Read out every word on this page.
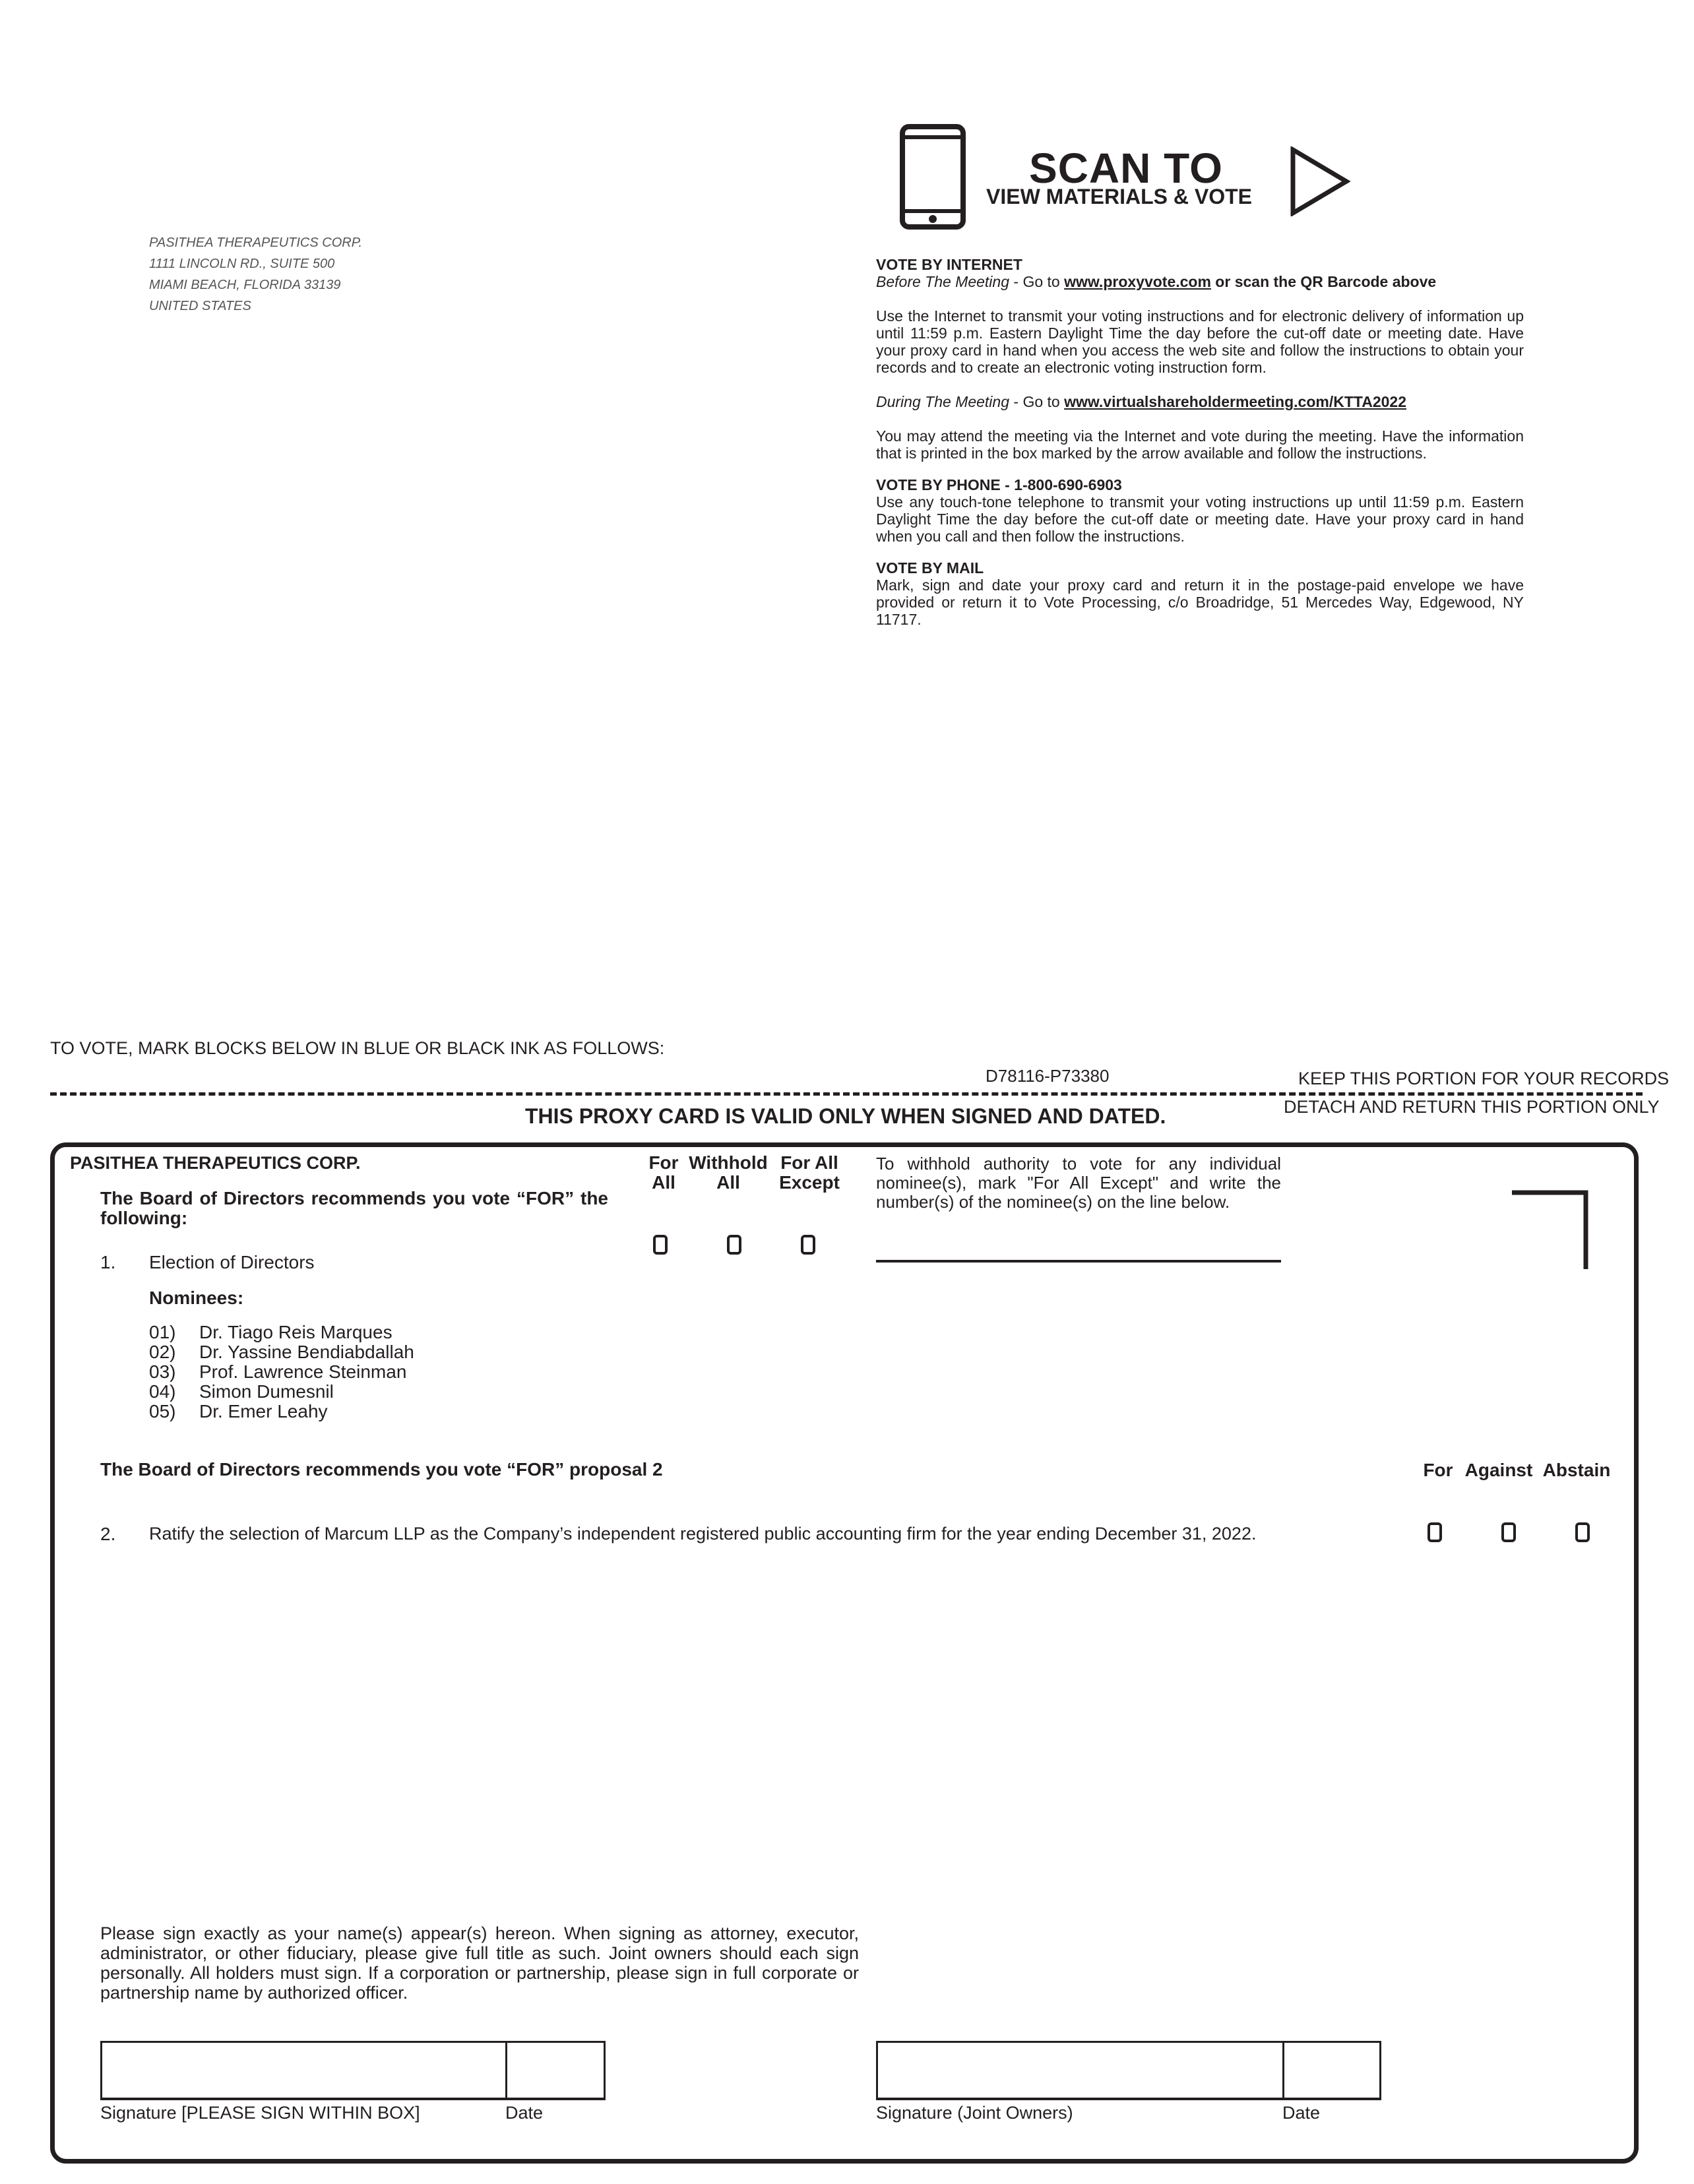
PASITHEA THERAPEUTICS CORP.
1111 LINCOLN RD., SUITE 500
MIAMI BEACH, FLORIDA 33139
UNITED STATES
SCAN TO
VIEW MATERIALS & VOTE

VOTE BY INTERNET

Before The Meeting - Go to www.proxyvote.com or scan the QR Barcode above

Use the Internet to transmit your voting instructions and for electronic delivery of information up until 11:59 p.m. Eastern Daylight Time the day before the cut-off date or meeting date. Have your proxy card in hand when you access the web site and follow the instructions to obtain your records and to create an electronic voting instruction form.

During The Meeting - Go to www.virtualshareholdermeeting.com/KTTA2022

You may attend the meeting via the Internet and vote during the meeting. Have the information that is printed in the box marked by the arrow available and follow the instructions.

VOTE BY PHONE - 1-800-690-6903

Use any touch-tone telephone to transmit your voting instructions up until 11:59 p.m. Eastern Daylight Time the day before the cut-off date or meeting date. Have your proxy card in hand when you call and then follow the instructions.

VOTE BY MAIL

Mark, sign and date your proxy card and return it in the postage-paid envelope we have provided or return it to Vote Processing, c/o Broadridge, 51 Mercedes Way, Edgewood, NY 11717.

TO VOTE, MARK BLOCKS BELOW IN BLUE OR BLACK INK AS FOLLOWS:
D78116-P73380	KEEP THIS PORTION FOR YOUR RECORDS
DETACH AND RETURN THIS PORTION ONLY
THIS PROXY CARD IS VALID ONLY WHEN SIGNED AND DATED.
PASITHEA THERAPEUTICS CORP.
The Board of Directors recommends you vote “FOR” the following:
For
All
Withhold
All
For All
Except
To withhold authority to vote for any individual nominee(s), mark "For All Except" and write the number(s) of the nominee(s) on the line below.
1. Election of Directors
Nominees:
01) Dr. Tiago Reis Marques
02) Dr. Yassine Bendiabdallah
03) Prof. Lawrence Steinman
04) Simon Dumesnil
05) Dr. Emer Leahy
The Board of Directors recommends you vote “FOR” proposal 2	For Against Abstain
2. Ratify the selection of Marcum LLP as the Company’s independent registered public accounting firm for the year ending December 31, 2022.
Please sign exactly as your name(s) appear(s) hereon. When signing as attorney, executor, administrator, or other fiduciary, please give full title as such. Joint owners should each sign personally. All holders must sign. If a corporation or partnership, please sign in full corporate or partnership name by authorized officer.
Signature [PLEASE SIGN WITHIN BOX]	Date	Signature (Joint Owners)	Date
